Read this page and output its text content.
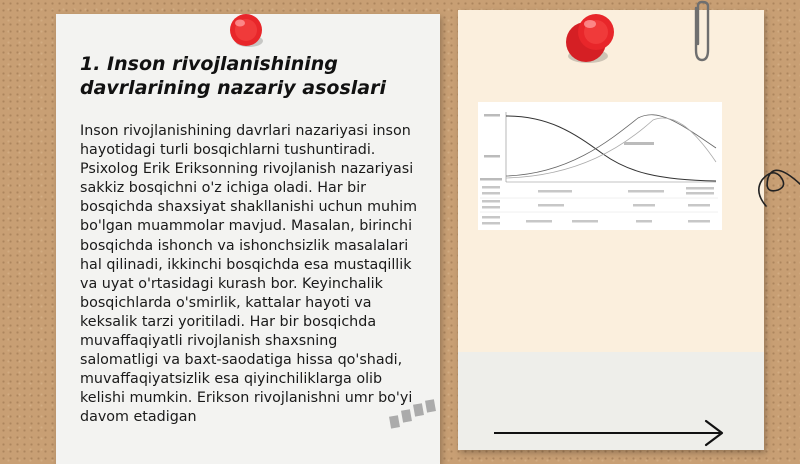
1. Inson rivojlanishining davrlarining nazariy asoslari

Inson rivojlanishining davrlari nazariyasi inson hayotidagi turli bosqichlarni tushuntiradi. Psixolog Erik Eriksonning rivojlanish nazariyasi sakkiz bosqichni o'z ichiga oladi. Har bir bosqichda shaxsiyat shakllanishi uchun muhim bo'lgan muammolar mavjud. Masalan, birinchi bosqichda ishonch va ishonchsizlik masalalari hal qilinadi, ikkinchi bosqichda esa mustaqillik va uyat o'rtasidagi kurash bor. Keyinchalik bosqichlarda o'smirlik, kattalar hayoti va keksalik tarzi yoritiladi. Har bir bosqichda muvaffaqiyatli rivojlanish shaxsning salomatligi va baxt-saodatiga hissa qo'shadi, muvaffaqiyatsizlik esa qiyinchiliklarga olib kelishi mumkin. Erikson rivojlanishni umr bo'yi davom etadigan
